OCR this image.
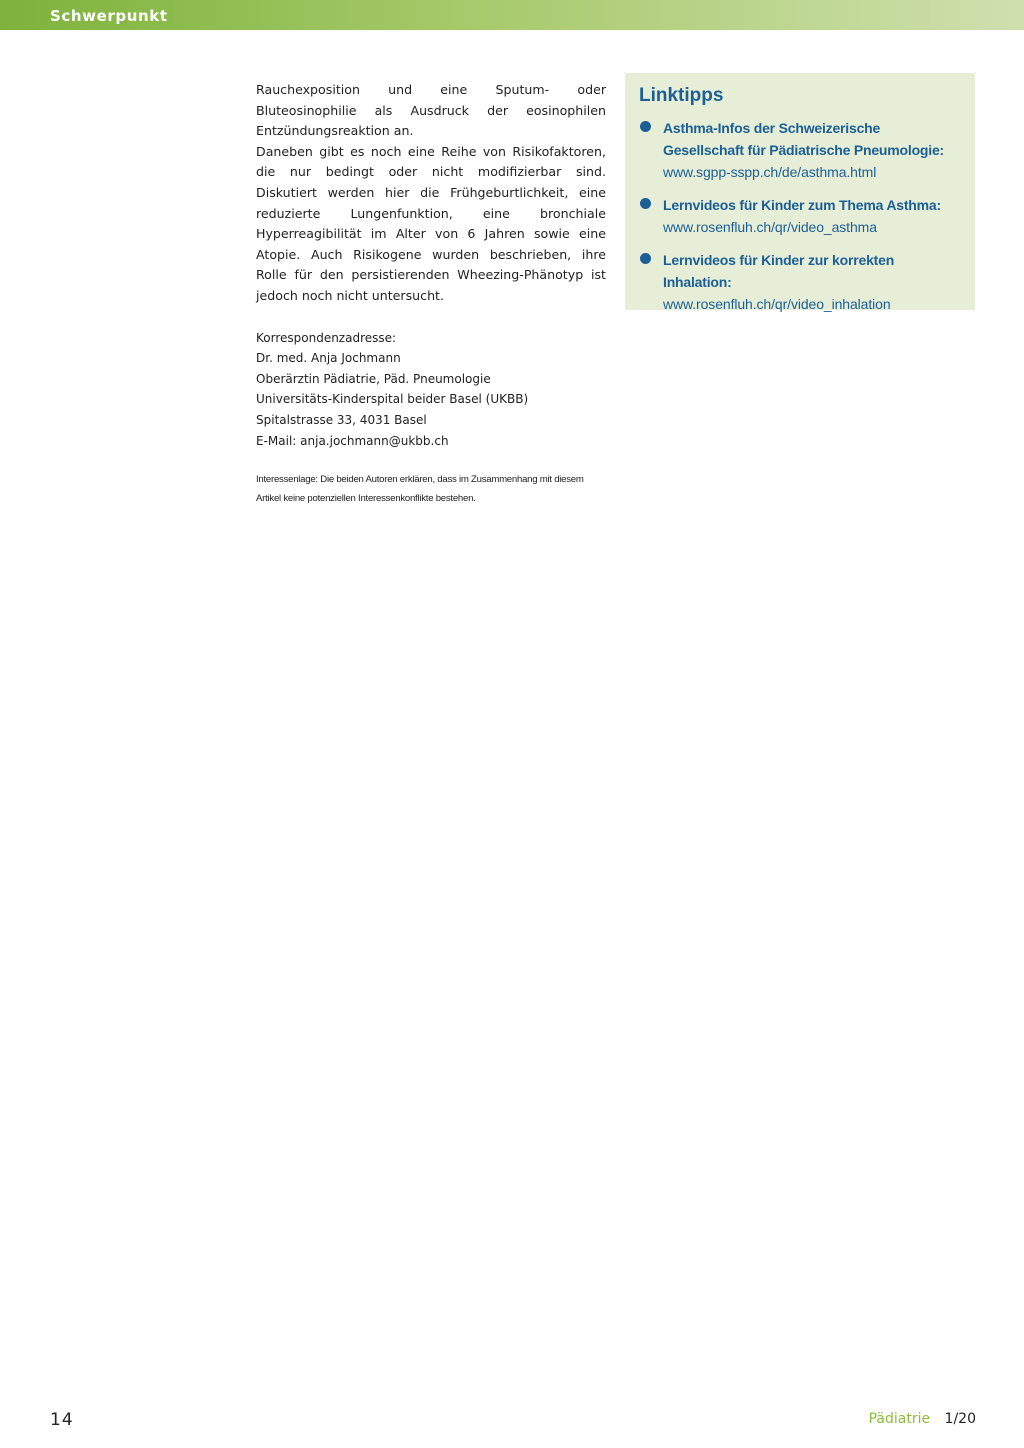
Schwerpunkt

Rauchexposition und eine Sputum- oder Bluteosinophilie als Ausdruck der eosinophilen Entzündungsreaktion an.

Daneben gibt es noch eine Reihe von Risikofaktoren, die nur bedingt oder nicht modifizierbar sind. Diskutiert werden hier die Frühgeburtlichkeit, eine reduzierte Lungenfunktion, eine bronchiale Hyperreagibilität im Alter von 6 Jahren sowie eine Atopie. Auch Risikogene wurden beschrieben, ihre Rolle für den persistierenden Wheezing-Phänotyp ist jedoch noch nicht untersucht.

Korrespondenzadresse:
Dr. med. Anja Jochmann
Oberärztin Pädiatrie, Päd. Pneumologie
Universitäts-Kinderspital beider Basel (UKBB)
Spitalstrasse 33, 4031 Basel
E-Mail: anja.jochmann@ukbb.ch
Interessenlage: Die beiden Autoren erklären, dass im Zusammenhang mit diesem
Artikel keine potenziellen Interessenkonflikte bestehen.
Linktipps
Asthma-Infos der Schweizerische Gesellschaft für Pädiatrische Pneumologie:
www.sgpp-sspp.ch/de/asthma.html
Lernvideos für Kinder zum Thema Asthma:
www.rosenfluh.ch/qr/video_asthma
Lernvideos für Kinder zur korrekten Inhalation:
www.rosenfluh.ch/qr/video_inhalation
14	Pädiatrie 1/20
